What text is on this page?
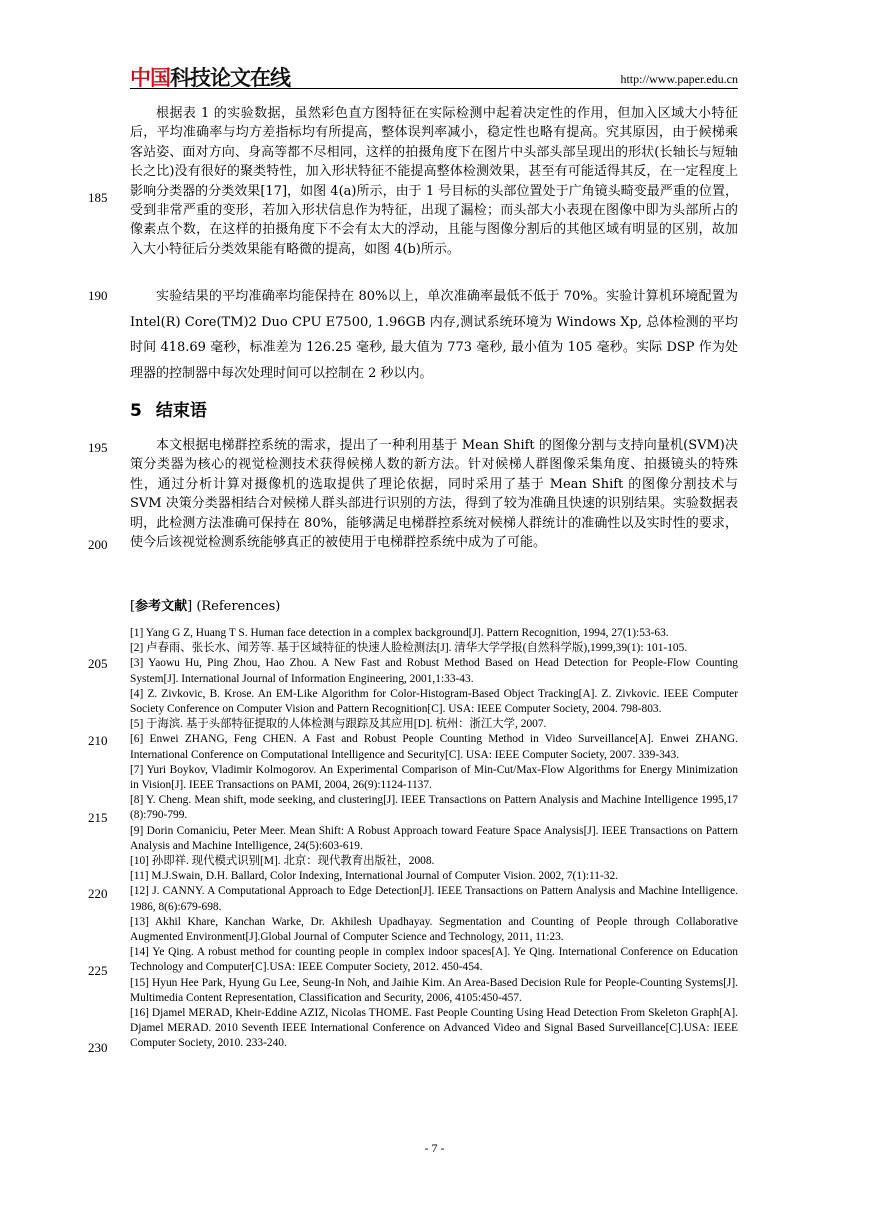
中国科技论文在线	http://www.paper.edu.cn

根据表 1 的实验数据，虽然彩色直方图特征在实际检测中起着决定性的作用，但加入区域大小特征后，平均准确率与均方差指标均有所提高，整体误判率减小，稳定性也略有提高。究其原因，由于候梯乘客站姿、面对方向、身高等都不尽相同，这样的拍摄角度下在图片中头部头部呈现出的形状(长轴长与短轴长之比)没有很好的聚类特性，加入形状特征不能提高整体检测效果，甚至有可能适得其反，在一定程度上影响分类器的分类效果[17]，如图 4(a)所示，由于 1 号目标的头部位置处于广角镜头畸变最严重的位置，受到非常严重的变形，若加入形状信息作为特征，出现了漏检；而头部大小表现在图像中即为头部所占的像素点个数，在这样的拍摄角度下不会有太大的浮动，且能与图像分割后的其他区域有明显的区别，故加入大小特征后分类效果能有略微的提高，如图 4(b)所示。

实验结果的平均准确率均能保持在 80%以上，单次准确率最低不低于 70%。实验计算机环境配置为 Intel(R) Core(TM)2 Duo CPU E7500, 1.96GB 内存,测试系统环境为 Windows Xp, 总体检测的平均时间 418.69 毫秒，标准差为 126.25 毫秒, 最大值为 773 毫秒, 最小值为 105 毫秒。实际 DSP 作为处理器的控制器中每次处理时间可以控制在 2 秒以内。

5 结束语

本文根据电梯群控系统的需求，提出了一种利用基于 Mean Shift 的图像分割与支持向量机(SVM)决策分类器为核心的视觉检测技术获得候梯人数的新方法。针对候梯人群图像采集角度、拍摄镜头的特殊性，通过分析计算对摄像机的选取提供了理论依据，同时采用了基于 Mean Shift 的图像分割技术与 SVM 决策分类器相结合对候梯人群头部进行识别的方法，得到了较为准确且快速的识别结果。实验数据表明，此检测方法准确可保持在 80%，能够满足电梯群控系统对候梯人群统计的准确性以及实时性的要求，使今后该视觉检测系统能够真正的被使用于电梯群控系统中成为了可能。

[参考文献] (References)
[1] Yang G Z, Huang T S. Human face detection in a complex background[J]. Pattern Recognition, 1994, 27(1):53-63.
[2] 卢春雨、张长水、闻芳等. 基于区域特征的快速人脸检测法[J]. 清华大学学报(自然科学版),1999,39(1): 101-105.
[3] Yaowu Hu, Ping Zhou, Hao Zhou. A New Fast and Robust Method Based on Head Detection for People-Flow Counting System[J]. International Journal of Information Engineering, 2001,1:33-43.
[4] Z. Zivkovic, B. Krose. An EM-Like Algorithm for Color-Histogram-Based Object Tracking[A]. Z. Zivkovic. IEEE Computer Society Conference on Computer Vision and Pattern Recognition[C]. USA: IEEE Computer Society, 2004. 798-803.
[5] 于海滨. 基于头部特征提取的人体检测与跟踪及其应用[D]. 杭州：浙江大学, 2007.
[6] Enwei ZHANG, Feng CHEN. A Fast and Robust People Counting Method in Video Surveillance[A]. Enwei ZHANG. International Conference on Computational Intelligence and Security[C]. USA: IEEE Computer Society, 2007. 339-343.
[7] Yuri Boykov, Vladimir Kolmogorov. An Experimental Comparison of Min-Cut/Max-Flow Algorithms for Energy Minimization in Vision[J]. IEEE Transactions on PAMI, 2004, 26(9):1124-1137.
[8] Y. Cheng. Mean shift, mode seeking, and clustering[J]. IEEE Transactions on Pattern Analysis and Machine Intelligence 1995,17 (8):790-799.
[9] Dorin Comaniciu, Peter Meer. Mean Shift: A Robust Approach toward Feature Space Analysis[J]. IEEE Transactions on Pattern Analysis and Machine Intelligence, 24(5):603-619.
[10] 孙即祥. 现代模式识别[M]. 北京：现代教育出版社，2008.
[11] M.J.Swain, D.H. Ballard, Color Indexing, International Journal of Computer Vision. 2002, 7(1):11-32.
[12] J. CANNY. A Computational Approach to Edge Detection[J]. IEEE Transactions on Pattern Analysis and Machine Intelligence. 1986, 8(6):679-698.
[13] Akhil Khare, Kanchan Warke, Dr. Akhilesh Upadhayay. Segmentation and Counting of People through Collaborative Augmented Environment[J].Global Journal of Computer Science and Technology, 2011, 11:23.
[14] Ye Qing. A robust method for counting people in complex indoor spaces[A]. Ye Qing. International Conference on Education Technology and Computer[C].USA: IEEE Computer Society, 2012. 450-454.
[15] Hyun Hee Park, Hyung Gu Lee, Seung-In Noh, and Jaihie Kim. An Area-Based Decision Rule for People-Counting Systems[J]. Multimedia Content Representation, Classification and Security, 2006, 4105:450-457.
[16] Djamel MERAD, Kheir-Eddine AZIZ, Nicolas THOME. Fast People Counting Using Head Detection From Skeleton Graph[A]. Djamel MERAD. 2010 Seventh IEEE International Conference on Advanced Video and Signal Based Surveillance[C].USA: IEEE Computer Society, 2010. 233-240.
185
190
195
200
205
210
215
220
225
230
- 7 -
